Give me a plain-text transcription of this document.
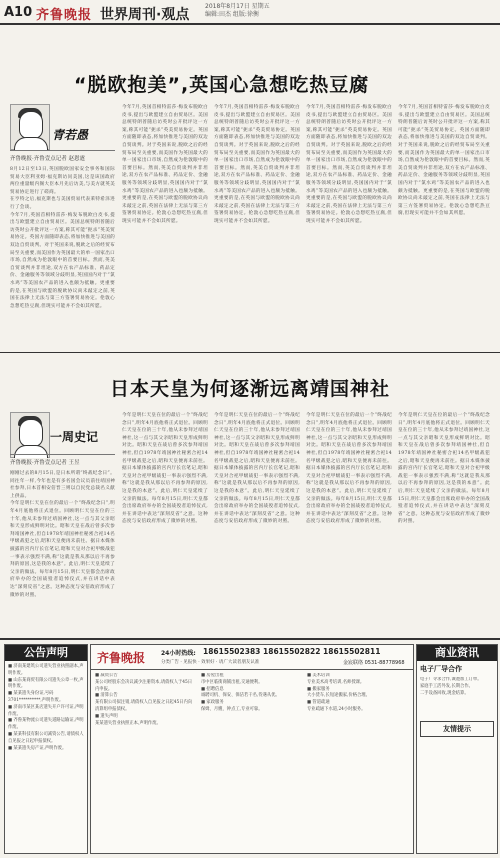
A10 齐鲁晚报 世界周刊·观点
2018年8月17日 星期五
编辑:田杰 组版:徐衡
“脱欧抱美”,英国心急想吃热豆腐
青若愚
齐鲁晚报·齐鲁壹点记者 赵恩霆
8月12日至13日,英国脱欧国家安全事务和国际贸易大臣利亚姆·福克斯访问美国,这是该国政府两位重量级内阁大臣本月先后访美,与美方就英美贸易协定进行了磋商。
在亨特之后,福克斯也与美国贸易代表莱特希泽进行了会谈。
今年7月,英国首相特雷莎·梅发布脱欧白皮书,提出与欧盟建立自由贸易区。美国总统特朗普随后访英时公开批评这一方案,称其可能“扼杀”英美贸易协定。英国方面随即表态,将加快推进与美国的双边自贸谈判。对于英国来说,脱欧之后的经贸布局至关重要,而美国作为英国最大的单一国家出口市场,自然成为伦敦眼中的首要目标。然而,英美自贸谈判并非坦途,双方在农产品标准、药品定价、金融服务等领域分歧明显,英国国内对于“氯水鸡”等美国农产品的进入也颇为抵触。更重要的是,在英国与欧盟的脱欧协议尚未敲定之前,英国在法律上无法与第三方签署贸易协定。伦敦心急想吃热豆腐,但现实可能并不会如其所愿。
今年7月,英国首相特雷莎·梅发布脱欧白皮书,提出与欧盟建立自由贸易区。美国总统特朗普随后访英时公开批评这一方案,称其可能“扼杀”英美贸易协定。英国方面随即表态,将加快推进与美国的双边自贸谈判。对于英国来说,脱欧之后的经贸布局至关重要,而美国作为英国最大的单一国家出口市场,自然成为伦敦眼中的首要目标。然而,英美自贸谈判并非坦途,双方在农产品标准、药品定价、金融服务等领域分歧明显,英国国内对于“氯水鸡”等美国农产品的进入也颇为抵触。更重要的是,在英国与欧盟的脱欧协议尚未敲定之前,英国在法律上无法与第三方签署贸易协定。伦敦心急想吃热豆腐,但现实可能并不会如其所愿。
今年7月,英国首相特雷莎·梅发布脱欧白皮书,提出与欧盟建立自由贸易区。美国总统特朗普随后访英时公开批评这一方案,称其可能“扼杀”英美贸易协定。英国方面随即表态,将加快推进与美国的双边自贸谈判。对于英国来说,脱欧之后的经贸布局至关重要,而美国作为英国最大的单一国家出口市场,自然成为伦敦眼中的首要目标。然而,英美自贸谈判并非坦途,双方在农产品标准、药品定价、金融服务等领域分歧明显,英国国内对于“氯水鸡”等美国农产品的进入也颇为抵触。更重要的是,在英国与欧盟的脱欧协议尚未敲定之前,英国在法律上无法与第三方签署贸易协定。伦敦心急想吃热豆腐,但现实可能并不会如其所愿。
今年7月,英国首相特雷莎·梅发布脱欧白皮书,提出与欧盟建立自由贸易区。美国总统特朗普随后访英时公开批评这一方案,称其可能“扼杀”英美贸易协定。英国方面随即表态,将加快推进与美国的双边自贸谈判。对于英国来说,脱欧之后的经贸布局至关重要,而美国作为英国最大的单一国家出口市场,自然成为伦敦眼中的首要目标。然而,英美自贸谈判并非坦途,双方在农产品标准、药品定价、金融服务等领域分歧明显,英国国内对于“氯水鸡”等美国农产品的进入也颇为抵触。更重要的是,在英国与欧盟的脱欧协议尚未敲定之前,英国在法律上无法与第三方签署贸易协定。伦敦心急想吃热豆腐,但现实可能并不会如其所愿。
今年7月,英国首相特雷莎·梅发布脱欧白皮书,提出与欧盟建立自由贸易区。美国总统特朗普随后访英时公开批评这一方案,称其可能“扼杀”英美贸易协定。英国方面随即表态,将加快推进与美国的双边自贸谈判。对于英国来说,脱欧之后的经贸布局至关重要,而美国作为英国最大的单一国家出口市场,自然成为伦敦眼中的首要目标。然而,英美自贸谈判并非坦途,双方在农产品标准、药品定价、金融服务等领域分歧明显,英国国内对于“氯水鸡”等美国农产品的进入也颇为抵触。更重要的是,在英国与欧盟的脱欧协议尚未敲定之前,英国在法律上无法与第三方签署贸易协定。伦敦心急想吃热豆腐,但现实可能并不会如其所愿。
日本天皇为何逐渐远离靖国神社
一周史记
齐鲁晚报·齐鲁壹点记者 王昱
刚刚过去的8月15日,是日本所谓“终战纪念日”。同往年一样,今年也是有多名国会议员前往靖国神社参拜,日本首相安倍晋三则以自民党总裁名义献上供品。
今年是明仁天皇在位的最后一个“终战纪念日”,明年4月底他将正式退位。回顾明仁天皇在位的三十年,他从未参拜过靖国神社,这一点与其父亲昭和天皇形成鲜明对比。昭和天皇在战后曾多次参拜靖国神社,但自1978年靖国神社秘密合祀14名甲级战犯之后,昭和天皇便再未前往。据日本媒体披露的宫内厅长官笔记,昭和天皇对合祀甲级战犯一事表示强烈不满,称“这就是我从那以后不再参拜的原因,这是我的本意”。此后,明仁天皇延续了父亲的做法。每年8月15日,明仁天皇都会出席政府举办的全国战殁者追悼仪式,并在讲话中表达“深刻反省”之意。这种态度与安倍政府形成了微妙的对照。
今年是明仁天皇在位的最后一个“终战纪念日”,明年4月底他将正式退位。回顾明仁天皇在位的三十年,他从未参拜过靖国神社,这一点与其父亲昭和天皇形成鲜明对比。昭和天皇在战后曾多次参拜靖国神社,但自1978年靖国神社秘密合祀14名甲级战犯之后,昭和天皇便再未前往。据日本媒体披露的宫内厅长官笔记,昭和天皇对合祀甲级战犯一事表示强烈不满,称“这就是我从那以后不再参拜的原因,这是我的本意”。此后,明仁天皇延续了父亲的做法。每年8月15日,明仁天皇都会出席政府举办的全国战殁者追悼仪式,并在讲话中表达“深刻反省”之意。这种态度与安倍政府形成了微妙的对照。
今年是明仁天皇在位的最后一个“终战纪念日”,明年4月底他将正式退位。回顾明仁天皇在位的三十年,他从未参拜过靖国神社,这一点与其父亲昭和天皇形成鲜明对比。昭和天皇在战后曾多次参拜靖国神社,但自1978年靖国神社秘密合祀14名甲级战犯之后,昭和天皇便再未前往。据日本媒体披露的宫内厅长官笔记,昭和天皇对合祀甲级战犯一事表示强烈不满,称“这就是我从那以后不再参拜的原因,这是我的本意”。此后,明仁天皇延续了父亲的做法。每年8月15日,明仁天皇都会出席政府举办的全国战殁者追悼仪式,并在讲话中表达“深刻反省”之意。这种态度与安倍政府形成了微妙的对照。
今年是明仁天皇在位的最后一个“终战纪念日”,明年4月底他将正式退位。回顾明仁天皇在位的三十年,他从未参拜过靖国神社,这一点与其父亲昭和天皇形成鲜明对比。昭和天皇在战后曾多次参拜靖国神社,但自1978年靖国神社秘密合祀14名甲级战犯之后,昭和天皇便再未前往。据日本媒体披露的宫内厅长官笔记,昭和天皇对合祀甲级战犯一事表示强烈不满,称“这就是我从那以后不再参拜的原因,这是我的本意”。此后,明仁天皇延续了父亲的做法。每年8月15日,明仁天皇都会出席政府举办的全国战殁者追悼仪式,并在讲话中表达“深刻反省”之意。这种态度与安倍政府形成了微妙的对照。
今年是明仁天皇在位的最后一个“终战纪念日”,明年4月底他将正式退位。回顾明仁天皇在位的三十年,他从未参拜过靖国神社,这一点与其父亲昭和天皇形成鲜明对比。昭和天皇在战后曾多次参拜靖国神社,但自1978年靖国神社秘密合祀14名甲级战犯之后,昭和天皇便再未前往。据日本媒体披露的宫内厅长官笔记,昭和天皇对合祀甲级战犯一事表示强烈不满,称“这就是我从那以后不再参拜的原因,这是我的本意”。此后,明仁天皇延续了父亲的做法。每年8月15日,明仁天皇都会出席政府举办的全国战殁者追悼仪式,并在讲话中表达“深刻反省”之意。这种态度与安倍政府形成了微妙的对照。
公告声明
■ 济南某建筑公司遗失营业执照副本,声明作废。
■ 山东某商贸有限公司遗失公章一枚,声明作废。
■ 某某遗失身份证,号码3701**********,声明作废。
■ 济南市某区某店遗失开户许可证,声明作废。
■ 齐鲁某物流公司遗失道路运输证,声明作废。
■ 某某科技有限公司减资公告,请债权人自见报之日起申报债权。
■ 某某遗失房产证,声明作废。
齐鲁晚报	24小时热线: 18615502383 18615502822 18615502811
分类广告 · 见报快 · 效果好 · 请广大读者朋友认准	金宸联络 0531-88778968
■ 减资公告
某公司经股东会决议减少注册资本,请债权人于45日内申报。
■ 清算公告
某有限公司拟注销,请债权人自见报之日起45日内向清算组申报债权。
■ 遗失声明
某某遗失营业执照正本,声明作废。
■ 房屋出租
市中区临街商铺出租,交通便利。
■ 招聘信息
诚聘司机、保安、保洁若干名,待遇从优。
■ 家政服务
保姆、月嫂、钟点工,专业可靠。
■ 美术培训
专业美术高考培训,名师授课。
■ 搬家服务
大小货车,长短途搬家,价格合理。
■ 管道疏通
专业疏通下水道,24小时服务。
商业资讯
电子厂导合作
电子厂寻求合作,诚邀加工订单。
家庭手工活外发,长期合作。
二手设备回收,现金结算。
友情提示
